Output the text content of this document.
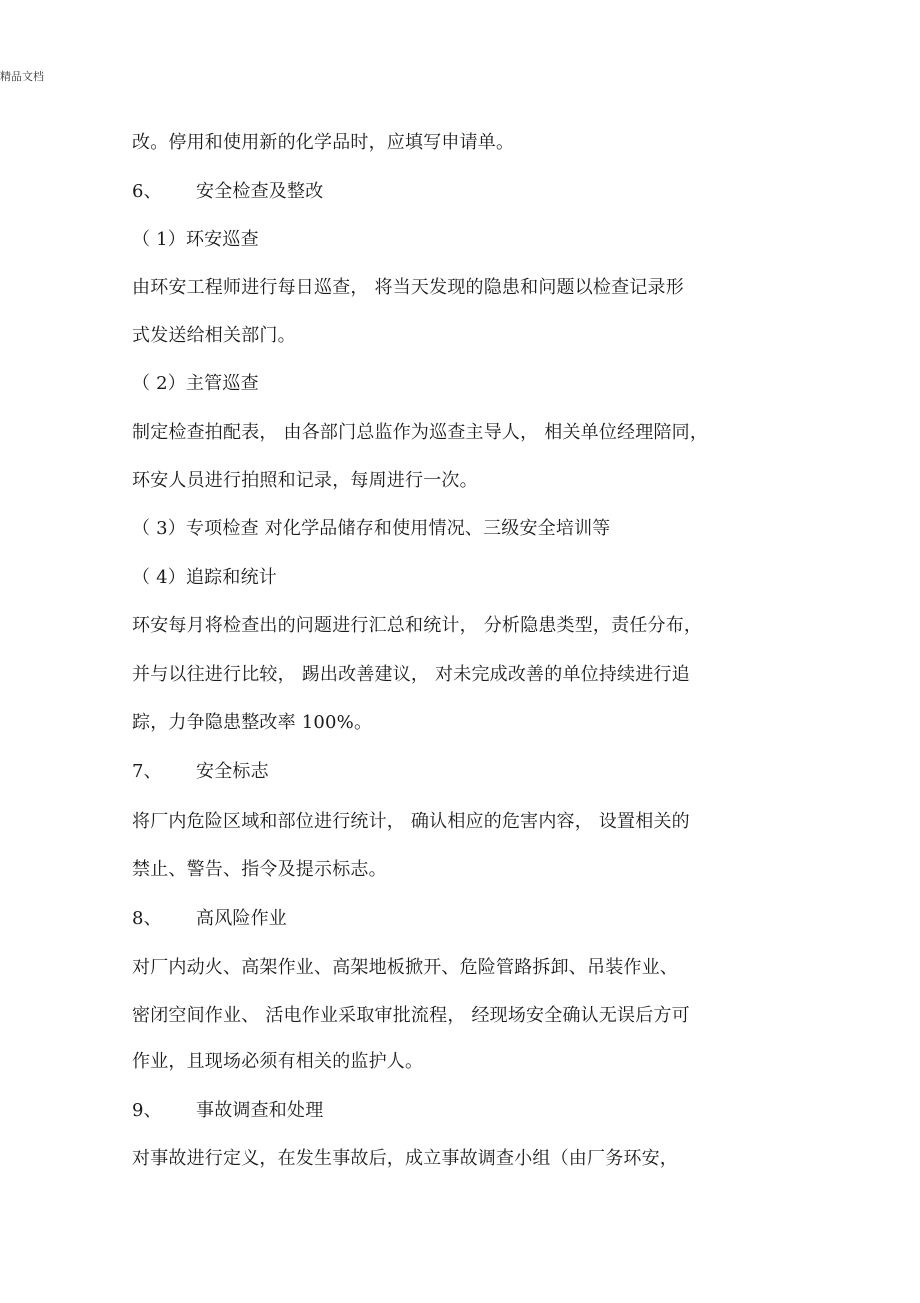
精品文档
改。停用和使用新的化学品时，应填写申请单。
6、 安全检查及整改
（ 1）环安巡查
由环安工程师进行每日巡查， 将当天发现的隐患和问题以检查记录形
式发送给相关部门。
（ 2）主管巡查
制定检查拍配表， 由各部门总监作为巡查主导人， 相关单位经理陪同，
环安人员进行拍照和记录，每周进行一次。
（ 3）专项检查 对化学品储存和使用情况、三级安全培训等
（ 4）追踪和统计
环安每月将检查出的问题进行汇总和统计， 分析隐患类型，责任分布，
并与以往进行比较， 踢出改善建议， 对未完成改善的单位持续进行追
踪，力争隐患整改率 100%。
7、 安全标志
将厂内危险区域和部位进行统计， 确认相应的危害内容， 设置相关的
禁止、警告、指令及提示标志。
8、 高风险作业
对厂内动火、高架作业、高架地板掀开、危险管路拆卸、吊装作业、
密闭空间作业、 活电作业采取审批流程， 经现场安全确认无误后方可
作业，且现场必须有相关的监护人。
9、 事故调查和处理
对事故进行定义，在发生事故后，成立事故调查小组（由厂务环安，
